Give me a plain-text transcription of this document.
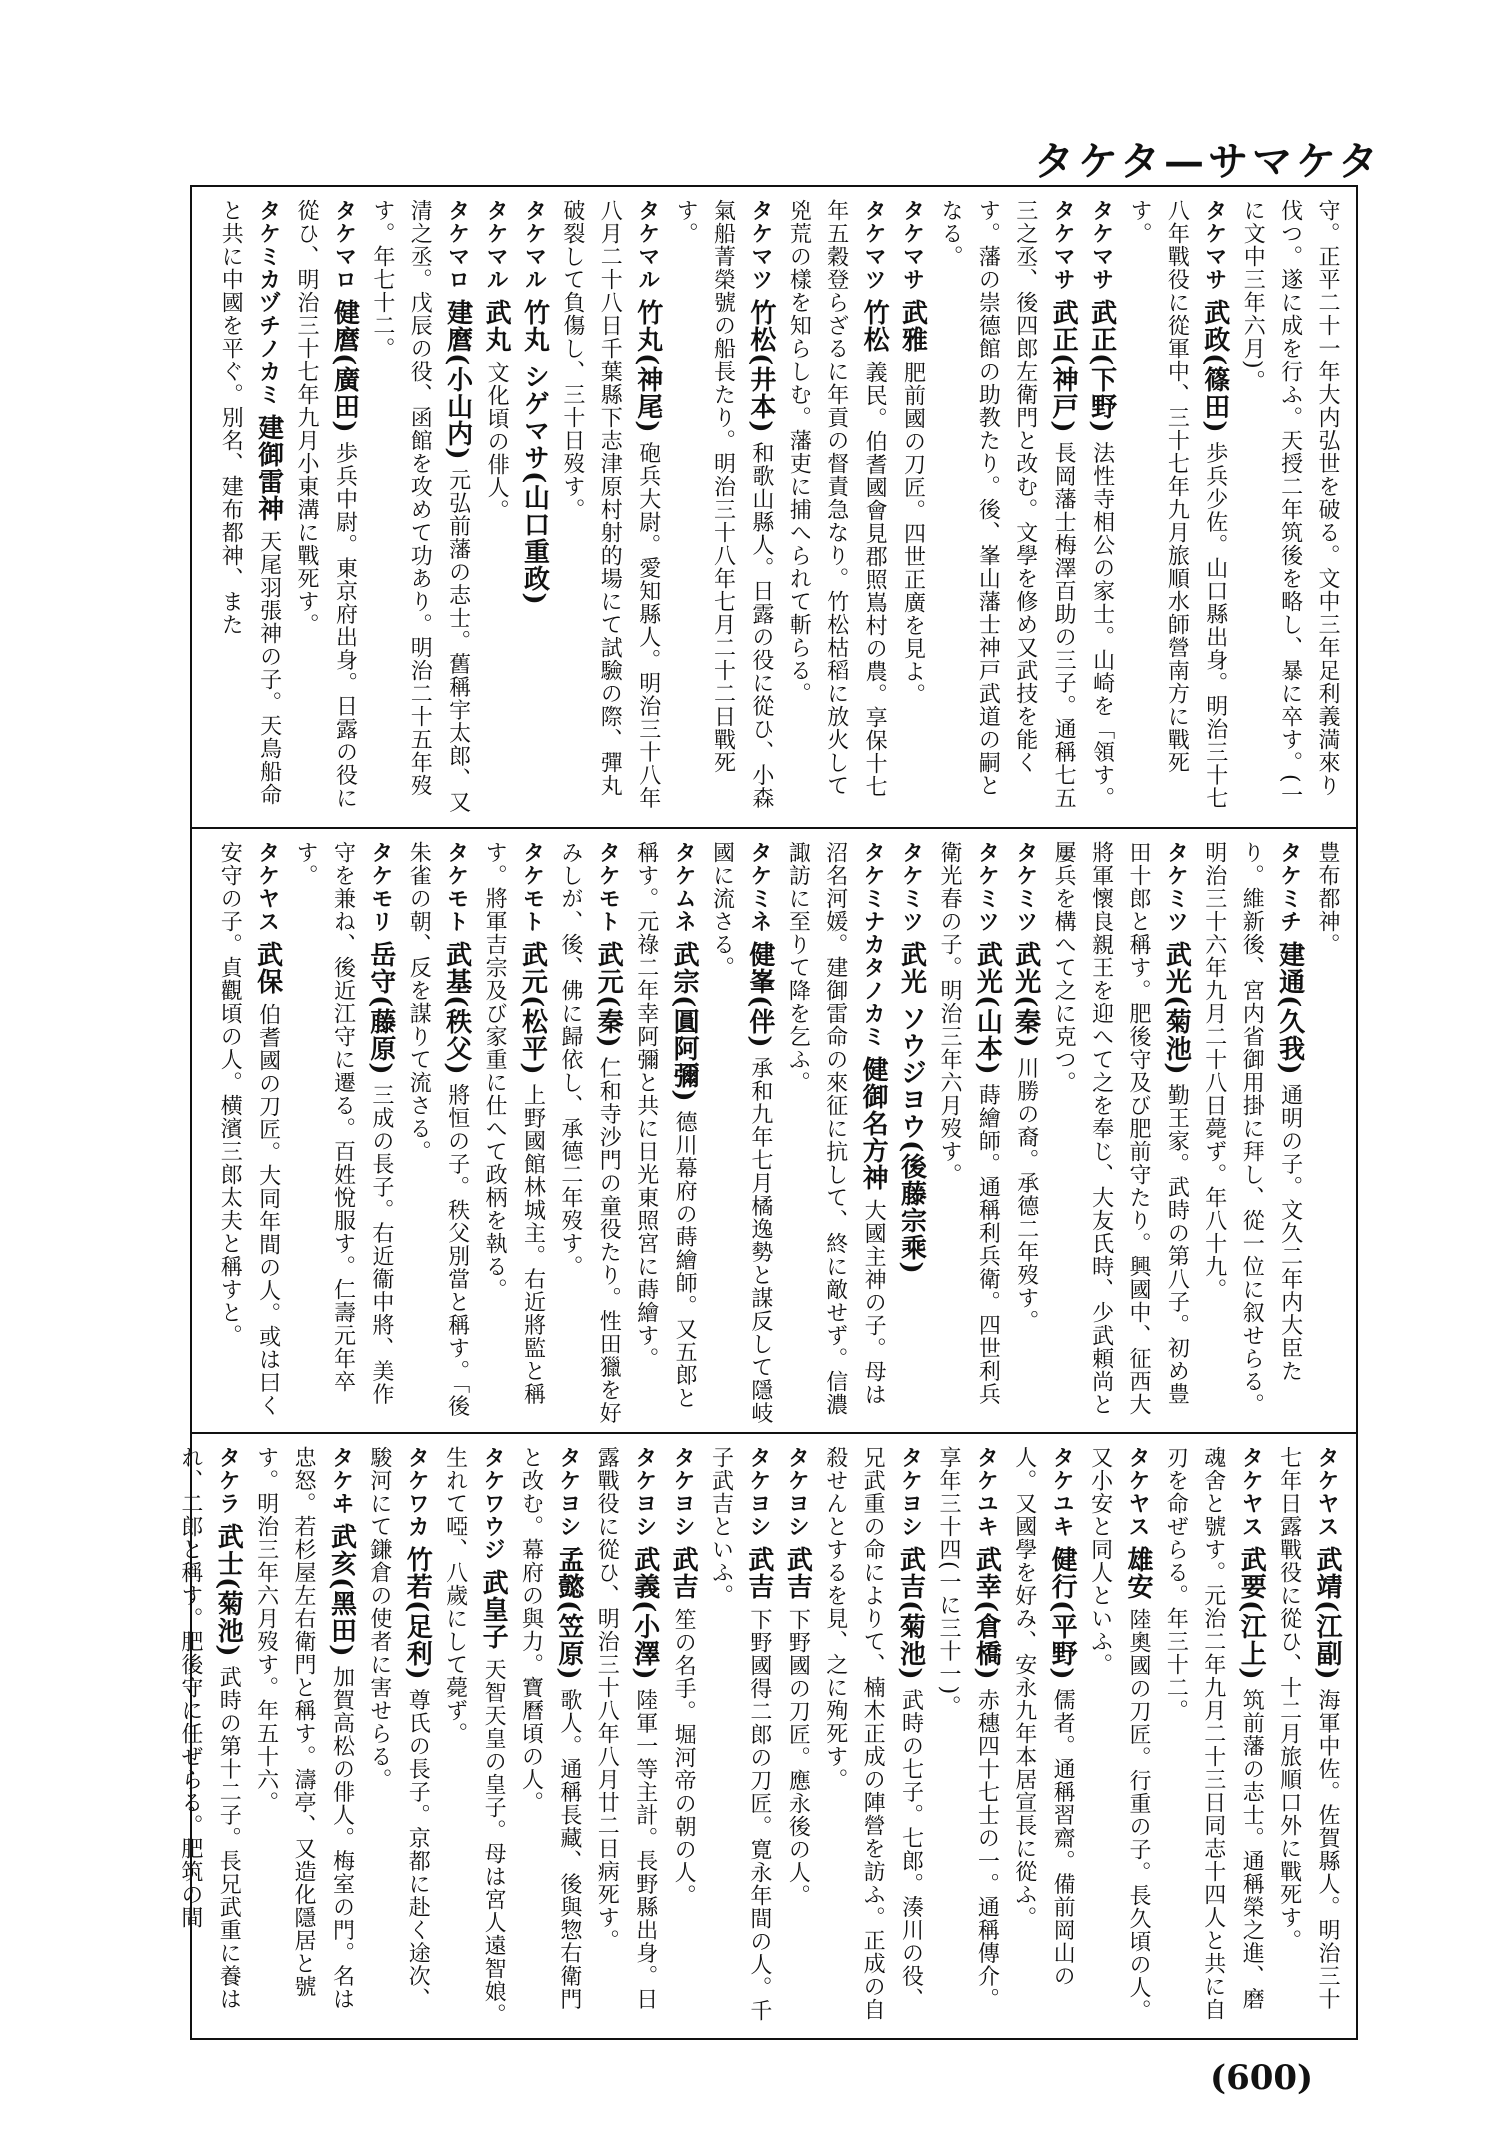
タケタ—サマケタ
守。正平二十一年大内弘世を破る。文中三年足利義満來り伐つ。遂に成を行ふ。天授二年筑後を略し、暴に卒す。(一に文中三年六月)。
タケマサ 武政(篠田) 歩兵少佐。山口縣出身。明治三十七八年戰役に從軍中、三十七年九月旅順水師營南方に戰死す。
タケマサ 武正(下野) 法性寺相公の家士。山崎を「領す。
タケマサ 武正(神戸) 長岡藩士梅澤百助の三子。通稱七五三之丞、後四郎左衛門と改む。文學を修め又武技を能くす。藩の崇德館の助教たり。後、峯山藩士神戸武道の嗣となる。
タケマサ 武雅 肥前國の刀匠。四世正廣を見よ。
タケマツ 竹松 義民。伯耆國會見郡照嶌村の農。享保十七年五穀登らざるに年貢の督責急なり。竹松枯稻に放火して兇荒の樣を知らしむ。藩吏に捕へられて斬らる。
タケマツ 竹松(井本) 和歌山縣人。日露の役に從ひ、小森氣船菁榮號の船長たり。明治三十八年七月二十二日戰死す。
タケマル 竹丸(神尾) 砲兵大尉。愛知縣人。明治三十八年八月二十八日千葉縣下志津原村射的場にて試驗の際、彈丸破裂して負傷し、三十日歿す。
タケマル 竹丸 シゲマサ(山口重政)
タケマル 武丸 文化頃の俳人。
タケマロ 建麿(小山内) 元弘前藩の志士。舊稱宇太郎、又清之丞。戊辰の役、函館を攻めて功あり。明治二十五年歿す。年七十二。
タケマロ 健麿(廣田) 歩兵中尉。東京府出身。日露の役に從ひ、明治三十七年九月小東溝に戰死す。
タケミカヅチノカミ 建御雷神 天尾羽張神の子。天鳥船命と共に中國を平ぐ。別名、建布都神、また

豊布都神。
タケミチ 建通(久我) 通明の子。文久二年内大臣たり。維新後、宮内省御用掛に拜し、從一位に叙せらる。明治三十六年九月二十八日薨ず。年八十九。
タケミツ 武光(菊池) 勤王家。武時の第八子。初め豊田十郎と稱す。肥後守及び肥前守たり。興國中、征西大將軍懷良親王を迎へて之を奉じ、大友氏時、少武頼尚と屢兵を構へて之に克つ。
タケミツ 武光(秦) 川勝の裔。承德二年歿す。
タケミツ 武光(山本) 蒔繪師。通稱利兵衛。四世利兵衛光春の子。明治三年六月歿す。
タケミツ 武光 ソウジヨウ(後藤宗乘)
タケミナカタノカミ 健御名方神 大國主神の子。母は沼名河媛。建御雷命の來征に抗して、終に敵せず。信濃諏訪に至りて降を乞ふ。
タケミネ 健峯(伴) 承和九年七月橘逸勢と謀反して隱岐國に流さる。
タケムネ 武宗(圓阿彌) 德川幕府の蒔繪師。又五郎と稱す。元祿二年幸阿彌と共に日光東照宮に蒔繪す。
タケモト 武元(秦) 仁和寺沙門の童役たり。性田獵を好みしが、後、佛に歸依し、承德二年歿す。
タケモト 武元(松平) 上野國館林城主。右近將監と稱す。將軍吉宗及び家重に仕へて政柄を執る。
タケモト 武基(秩父) 將恒の子。秩父別當と稱す。「後朱雀の朝、反を謀りて流さる。
タケモリ 岳守(藤原) 三成の長子。右近衞中將、美作守を兼ね、後近江守に遷る。百姓悅服す。仁壽元年卒す。
タケヤス 武保 伯耆國の刀匠。大同年間の人。或は曰く安守の子。貞觀頃の人。横濱三郎太夫と稱すと。

タケヤス 武靖(江副) 海軍中佐。佐賀縣人。明治三十七年日露戰役に從ひ、十二月旅順口外に戰死す。
タケヤス 武要(江上) 筑前藩の志士。通稱榮之進、磨魂舍と號す。元治二年九月二十三日同志十四人と共に自刃を命ぜらる。年三十二。
タケヤス 雄安 陸奧國の刀匠。行重の子。長久頃の人。又小安と同人といふ。
タケユキ 健行(平野) 儒者。通稱習齋。備前岡山の人。又國學を好み、安永九年本居宣長に從ふ。
タケユキ 武幸(倉橋) 赤穗四十七士の一。通稱傳介。享年三十四(一に三十一)。
タケヨシ 武吉(菊池) 武時の七子。七郎。湊川の役、兄武重の命によりて、楠木正成の陣營を訪ふ。正成の自殺せんとするを見、之に殉死す。
タケヨシ 武吉 下野國の刀匠。應永後の人。
タケヨシ 武吉 下野國得二郎の刀匠。寛永年間の人。千子武吉といふ。
タケヨシ 武吉 笙の名手。堀河帝の朝の人。
タケヨシ 武義(小澤) 陸軍一等主計。長野縣出身。日露戰役に從ひ、明治三十八年八月廿二日病死す。
タケヨシ 孟懿(笠原) 歌人。通稱長藏、後與惣右衛門と改む。幕府の與力。寶曆頃の人。
タケワウジ 武皇子 天智天皇の皇子。母は宮人遠智娘。生れて啞、八歲にして薨ず。
タケワカ 竹若(足利) 尊氏の長子。京都に赴く途次、駿河にて鎌倉の使者に害せらる。
タケヰ 武亥(黑田) 加賀高松の俳人。梅室の門。名は忠怒。若杉屋左右衛門と稱す。濤亭、又造化隱居と號す。明治三年六月歿す。年五十六。
タケラ 武士(菊池) 武時の第十二子。長兄武重に養はれ、二郎と稱す。肥後守に任ぜらる。肥筑の間

(600)
